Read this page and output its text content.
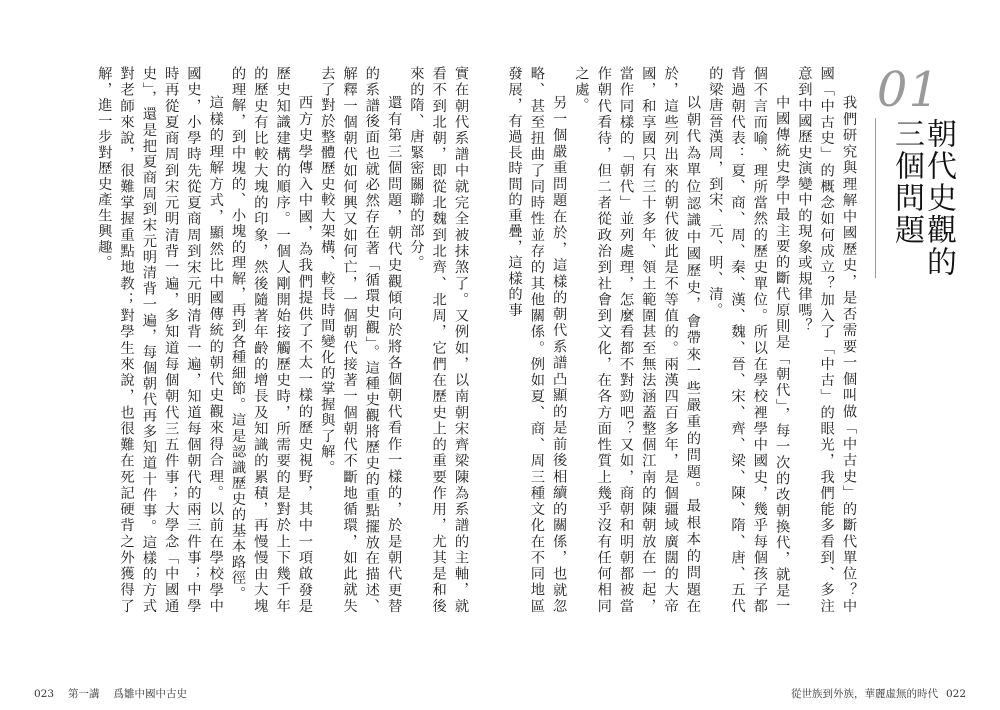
實在朝代系譜中就完全被抹煞了。又例如，以南朝宋齊梁陳為系譜的主軸，就看不到北朝，即從北魏到北齊、北周，它們在歷史上的重要作用，尤其是和後來的隋、唐緊密關聯的部分。

還有第三個問題，朝代史觀傾向於將各個朝代看作一樣的，於是朝代更替的系譜後面也就必然存在著「循環史觀」。這種史觀將歷史的重點擺放在描述、解釋一個朝代如何興又如何亡，一個朝代接著一個朝代不斷地循環，如此就失去了對於整體歷史較大架構、較長時間變化的掌握與了解。

西方史學傳入中國，為我們提供了不太一樣的歷史視野，其中一項啟發是歷史知識建構的順序。一個人剛開始接觸歷史時，所需要的是對於上下幾千年的歷史有比較大塊的印象，然後隨著年齡的增長及知識的累積，再慢慢由大塊的理解，到中塊的、小塊的理解，再到各種細節。這是認識歷史的基本路徑。

這樣的理解方式，顯然比中國傳統的朝代史觀來得合理。以前在學校學中國史，小學時先從夏商周到宋元明清背一遍，知道每個朝代的兩三件事；中學時再從夏商周到宋元明清背一遍，多知道每個朝代三五件事；大學念「中國通史」，還是把夏商周到宋元明清背一遍，每個朝代再多知道十件事。這樣的方式對老師來說，很難掌握重點地教；對學生來說，也很難在死記硬背之外獲得了解，進一步對歷史產生興趣。

023 第一講 爲雛中國中古史
01
朝代史觀的三個問題

我們研究與理解中國歷史，是否需要一個叫做「中古史」的斷代單位？中國「中古史」的概念如何成立？加入了「中古」的眼光，我們能多看到、多注意到中國歷史演變中的現象或規律嗎？

中國傳統史學中最主要的斷代原則是「朝代」，每一次的改朝換代，就是一個不言而喻、理所當然的歷史單位。所以在學校裡學中國史，幾乎每個孩子都背過朝代表：夏、商、周、秦、漢、魏、晉、宋、齊、梁、陳、隋、唐、五代的梁唐晉漢周，到宋、元、明、清。

以朝代為單位認識中國歷史，會帶來一些嚴重的問題。最根本的問題在於，這些列出來的朝代彼此是不等值的。兩漢四百多年，是個疆域廣闊的大帝國，和享國只有三十多年、領土範圍甚至無法涵蓋整個江南的陳朝放在一起，當作同樣的「朝代」並列處理，怎麼看都不對勁吧？又如，商朝和明朝都被當作朝代看待，但二者從政治到社會到文化，在各方面性質上幾乎沒有任何相同之處。

另一個嚴重問題在於，這樣的朝代系譜凸顯的是前後相續的關係，也就忽略、甚至扭曲了同時性並存的其他關係。例如夏、商、周三種文化在不同地區發展，有過長時間的重疊，這樣的事

從世族到外族，華麗虛無的時代 022
